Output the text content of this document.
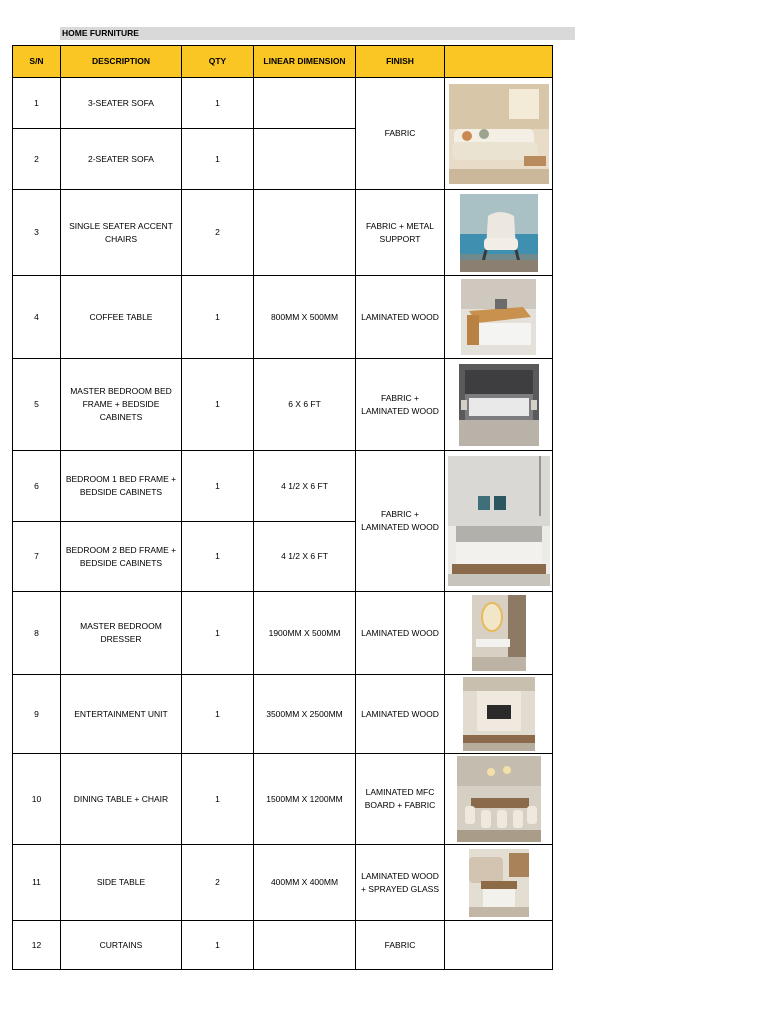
HOME FURNITURE
S/N	DESCRIPTION	QTY	LINEAR DIMENSION	FINISH	
1	3-SEATER SOFA	1		FABRIC	

2	2-SEATER SOFA	1			
3	SINGLE SEATER ACCENT CHAIRS	2		FABRIC + METAL SUPPORT	

4	COFFEE TABLE	1	800MM X 500MM	LAMINATED WOOD	

5	MASTER BEDROOM BED FRAME + BEDSIDE CABINETS	1	6 X 6 FT	FABRIC + LAMINATED WOOD	

6	BEDROOM 1 BED FRAME + BEDSIDE CABINETS	1	4 1/2 X 6 FT	FABRIC + LAMINATED WOOD	

7	BEDROOM 2 BED FRAME + BEDSIDE CABINETS	1	4 1/2 X 6 FT		
8	MASTER BEDROOM DRESSER	1	1900MM X 500MM	LAMINATED WOOD	

9	ENTERTAINMENT UNIT	1	3500MM X 2500MM	LAMINATED WOOD	

10	DINING TABLE + CHAIR	1	1500MM X 1200MM	LAMINATED MFC BOARD + FABRIC	

11	SIDE TABLE	2	400MM X 400MM	LAMINATED WOOD + SPRAYED GLASS	

12	CURTAINS	1		FABRIC	
